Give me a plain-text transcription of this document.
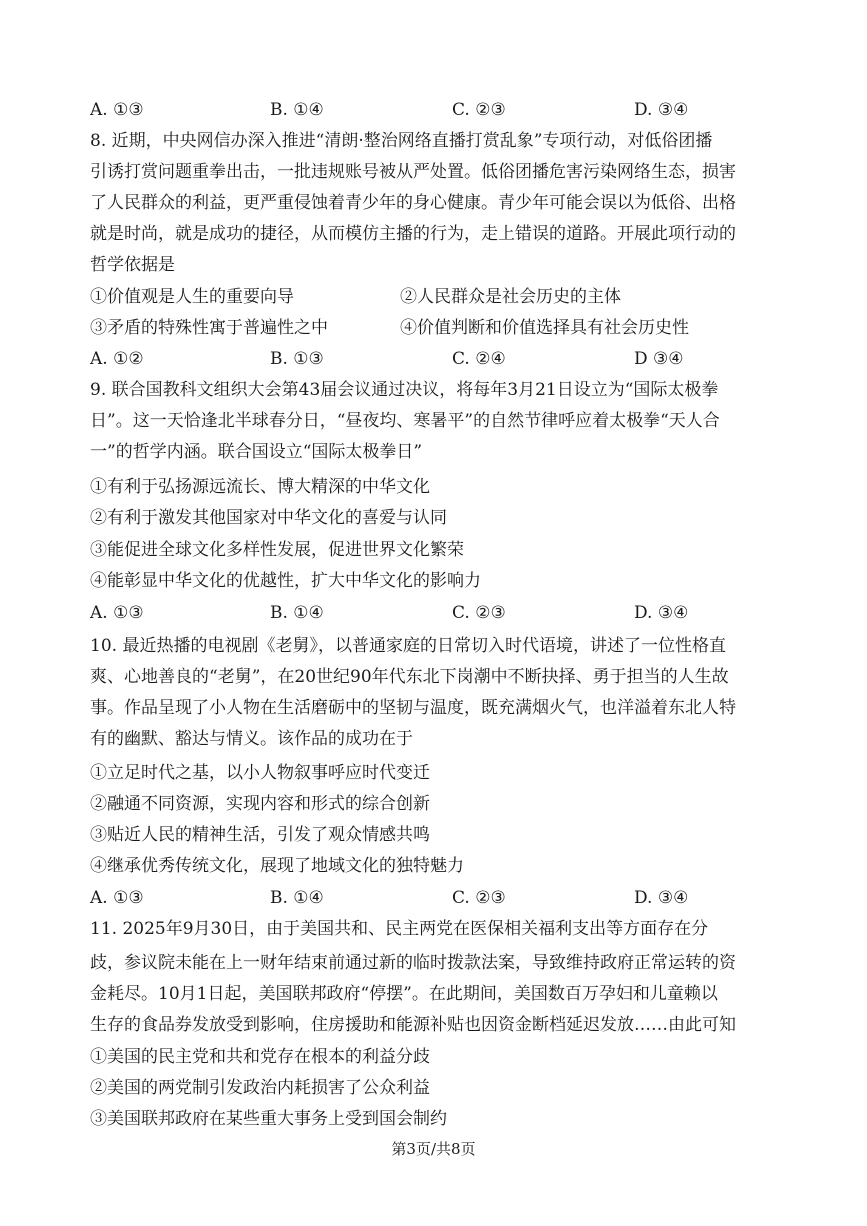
A. ①③	B. ①④	C. ②③	D. ③④
8. 近期，中央网信办深入推进“清朗·整治网络直播打赏乱象”专项行动，对低俗团播
引诱打赏问题重拳出击，一批违规账号被从严处置。低俗团播危害污染网络生态，损害
了人民群众的利益，更严重侵蚀着青少年的身心健康。青少年可能会误以为低俗、出格
就是时尚，就是成功的捷径，从而模仿主播的行为，走上错误的道路。开展此项行动的
哲学依据是
①价值观是人生的重要向导	②人民群众是社会历史的主体
③矛盾的特殊性寓于普遍性之中	④价值判断和价值选择具有社会历史性
A. ①②	B. ①③	C. ②④	D ③④
9. 联合国教科文组织大会第43届会议通过决议，将每年3月21日设立为“国际太极拳
日”。这一天恰逢北半球春分日，“昼夜均、寒暑平”的自然节律呼应着太极拳“天人合
一”的哲学内涵。联合国设立“国际太极拳日”
①有利于弘扬源远流长、博大精深的中华文化
②有利于激发其他国家对中华文化的喜爱与认同
③能促进全球文化多样性发展，促进世界文化繁荣
④能彰显中华文化的优越性，扩大中华文化的影响力
A. ①③	B. ①④	C. ②③	D. ③④
10. 最近热播的电视剧《老舅》，以普通家庭的日常切入时代语境，讲述了一位性格直
爽、心地善良的“老舅”，在20世纪90年代东北下岗潮中不断抉择、勇于担当的人生故
事。作品呈现了小人物在生活磨砺中的坚韧与温度，既充满烟火气，也洋溢着东北人特
有的幽默、豁达与情义。该作品的成功在于
①立足时代之基，以小人物叙事呼应时代变迁
②融通不同资源，实现内容和形式的综合创新
③贴近人民的精神生活，引发了观众情感共鸣
④继承优秀传统文化，展现了地域文化的独特魅力
A. ①③	B. ①④	C. ②③	D. ③④
11. 2025年9月30日，由于美国共和、民主两党在医保相关福利支出等方面存在分
歧，参议院未能在上一财年结束前通过新的临时拨款法案，导致维持政府正常运转的资
金耗尽。10月1日起，美国联邦政府“停摆”。在此期间，美国数百万孕妇和儿童赖以
生存的食品券发放受到影响，住房援助和能源补贴也因资金断档延迟发放……由此可知
①美国的民主党和共和党存在根本的利益分歧
②美国的两党制引发政治内耗损害了公众利益
③美国联邦政府在某些重大事务上受到国会制约
第3页/共8页
